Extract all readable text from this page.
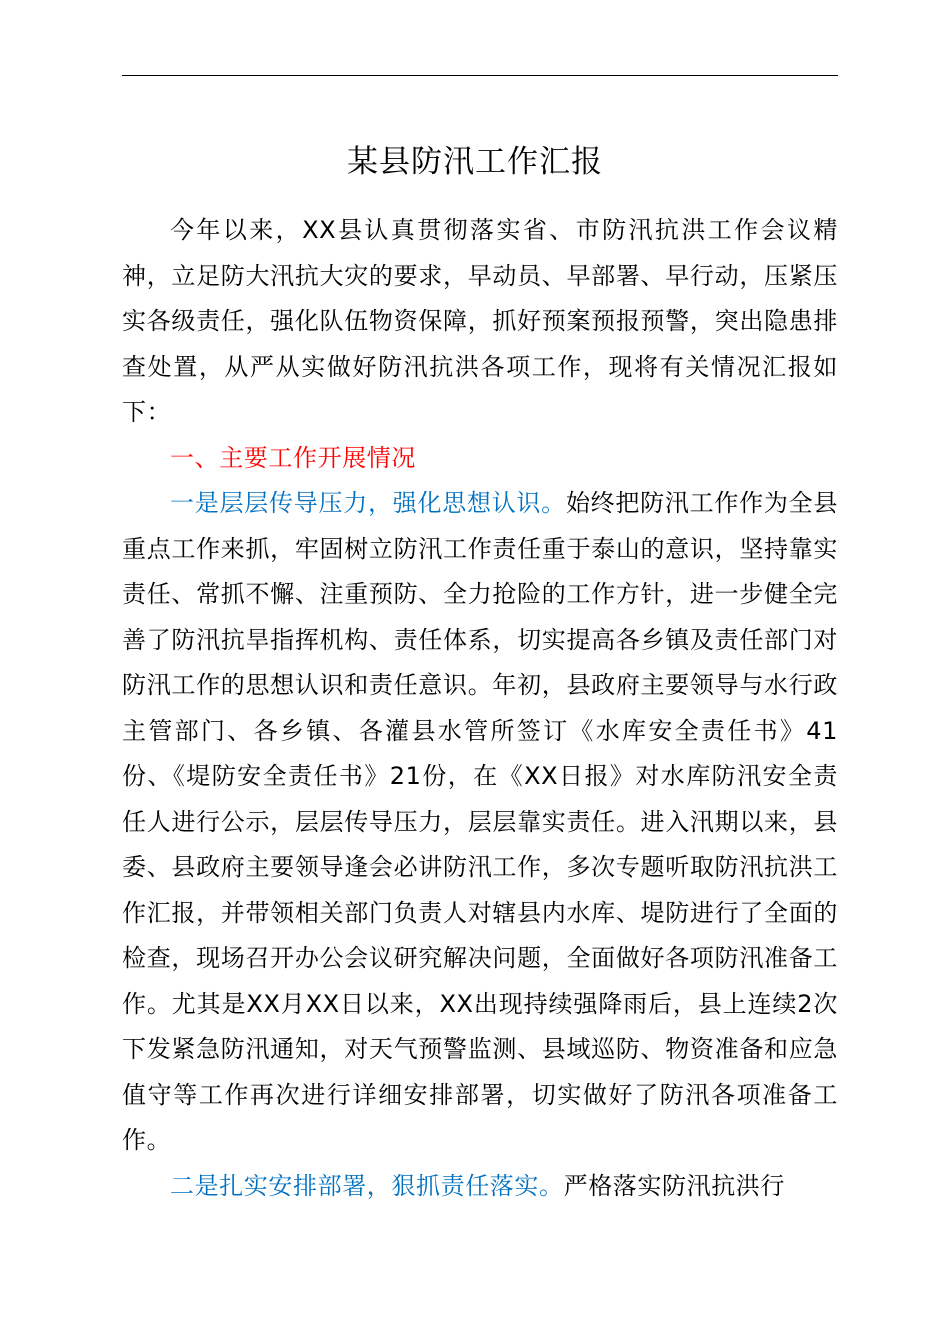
某县防汛工作汇报

今年以来，XX县认真贯彻落实省、市防汛抗洪工作会议精神，立足防大汛抗大灾的要求，早动员、早部署、早行动，压紧压实各级责任，强化队伍物资保障，抓好预案预报预警，突出隐患排查处置，从严从实做好防汛抗洪各项工作，现将有关情况汇报如下：

一、主要工作开展情况

一是层层传导压力，强化思想认识。始终把防汛工作作为全县重点工作来抓，牢固树立防汛工作责任重于泰山的意识，坚持靠实责任、常抓不懈、注重预防、全力抢险的工作方针，进一步健全完善了防汛抗旱指挥机构、责任体系，切实提高各乡镇及责任部门对防汛工作的思想认识和责任意识。年初，县政府主要领导与水行政主管部门、各乡镇、各灌县水管所签订《水库安全责任书》41份、《堤防安全责任书》21份，在《XX日报》对水库防汛安全责任人进行公示，层层传导压力，层层靠实责任。进入汛期以来，县委、县政府主要领导逢会必讲防汛工作，多次专题听取防汛抗洪工作汇报，并带领相关部门负责人对辖县内水库、堤防进行了全面的检查，现场召开办公会议研究解决问题，全面做好各项防汛准备工作。尤其是XX月XX日以来，XX出现持续强降雨后，县上连续2次下发紧急防汛通知，对天气预警监测、县域巡防、物资准备和应急值守等工作再次进行详细安排部署，切实做好了防汛各项准备工作。

二是扎实安排部署，狠抓责任落实。严格落实防汛抗洪行
